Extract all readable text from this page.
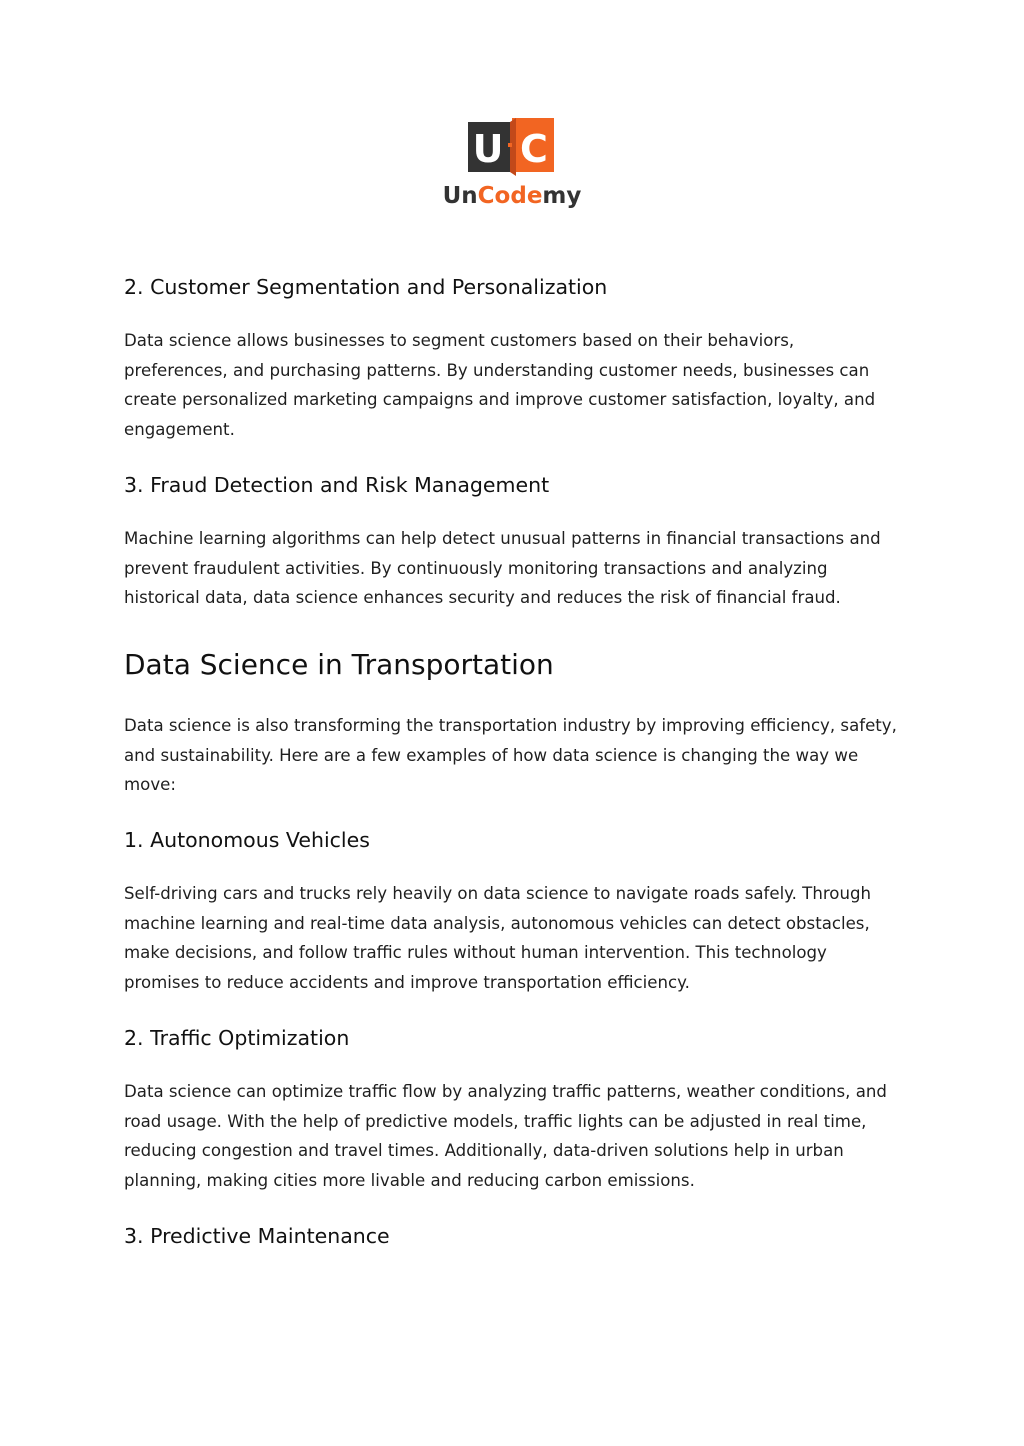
U C
UnCodemy
2. Customer Segmentation and Personalization
Data science allows businesses to segment customers based on their behaviors,
preferences, and purchasing patterns. By understanding customer needs, businesses can
create personalized marketing campaigns and improve customer satisfaction, loyalty, and
engagement.
3. Fraud Detection and Risk Management
Machine learning algorithms can help detect unusual patterns in financial transactions and
prevent fraudulent activities. By continuously monitoring transactions and analyzing
historical data, data science enhances security and reduces the risk of financial fraud.
Data Science in Transportation
Data science is also transforming the transportation industry by improving efficiency, safety,
and sustainability. Here are a few examples of how data science is changing the way we
move:
1. Autonomous Vehicles
Self-driving cars and trucks rely heavily on data science to navigate roads safely. Through
machine learning and real-time data analysis, autonomous vehicles can detect obstacles,
make decisions, and follow traffic rules without human intervention. This technology
promises to reduce accidents and improve transportation efficiency.
2. Traffic Optimization
Data science can optimize traffic flow by analyzing traffic patterns, weather conditions, and
road usage. With the help of predictive models, traffic lights can be adjusted in real time,
reducing congestion and travel times. Additionally, data-driven solutions help in urban
planning, making cities more livable and reducing carbon emissions.
3. Predictive Maintenance
